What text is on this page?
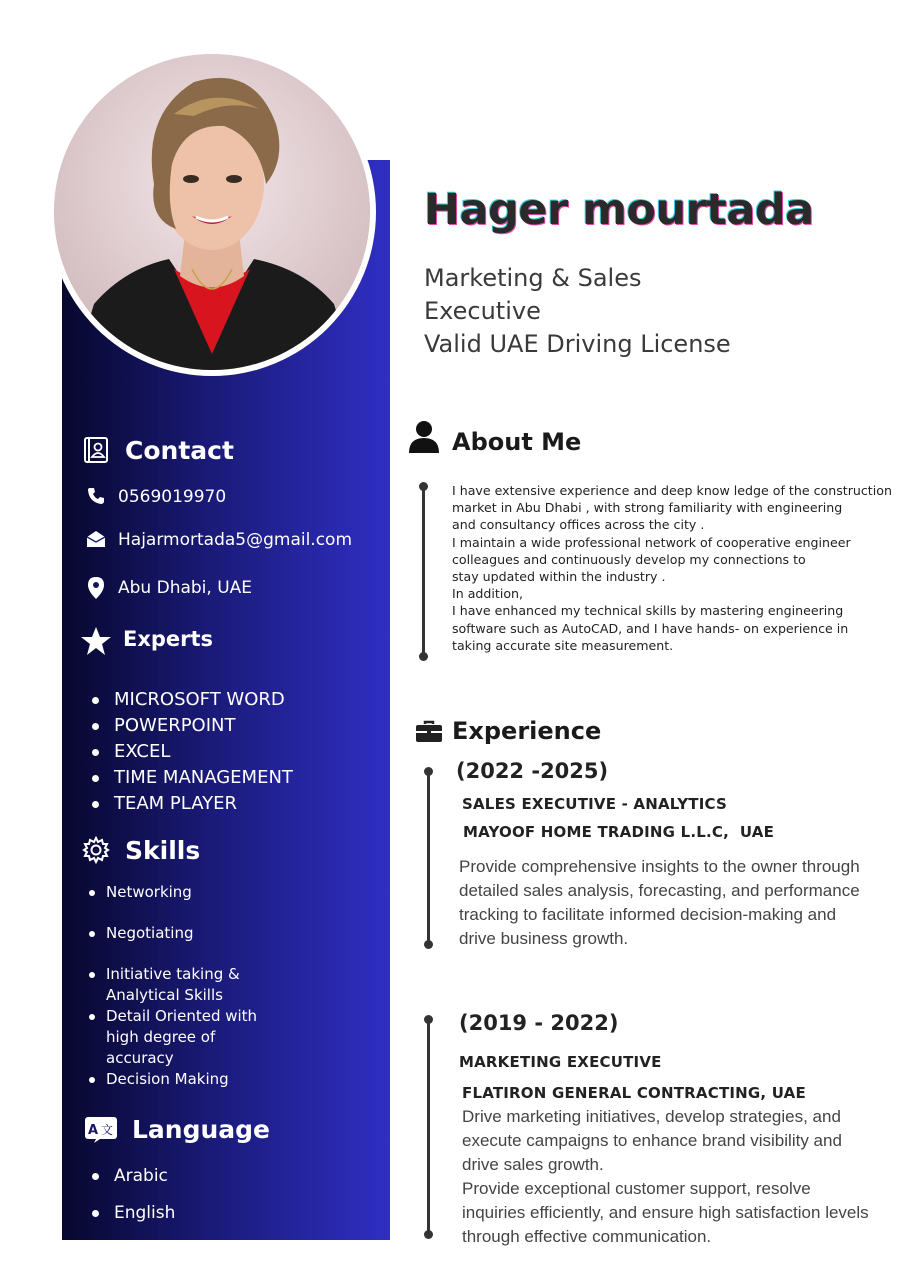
Contact
0569019970
Hajarmortada5@gmail.com
Abu Dhabi, UAE
Experts
MICROSOFT WORD
POWERPOINT
EXCEL
TIME MANAGEMENT
TEAM PLAYER
Skills
Networking
Negotiating
Initiative taking & Analytical Skills
Detail Oriented with high degree of accuracy
Decision Making
A 文 Language
Arabic
English
Hager mourtada
Marketing & Sales
Executive
Valid UAE Driving License
About Me
I have extensive experience and deep know ledge of the construction
market in Abu Dhabi , with strong familiarity with engineering
and consultancy offices across the city .
I maintain a wide professional network of cooperative engineer
colleagues and continuously develop my connections to
stay updated within the industry .
In addition,
I have enhanced my technical skills by mastering engineering
software such as AutoCAD, and I have hands- on experience in
taking accurate site measurement.
Experience
(2022 -2025)
SALES EXECUTIVE - ANALYTICS
MAYOOF HOME TRADING L.L.C,  UAE
Provide comprehensive insights to the owner through
detailed sales analysis, forecasting, and performance
tracking to facilitate informed decision-making and
drive business growth.
(2019 - 2022)
MARKETING EXECUTIVE
FLATIRON GENERAL CONTRACTING, UAE
Drive marketing initiatives, develop strategies, and
execute campaigns to enhance brand visibility and
drive sales growth.
Provide exceptional customer support, resolve
inquiries efficiently, and ensure high satisfaction levels
through effective communication.
